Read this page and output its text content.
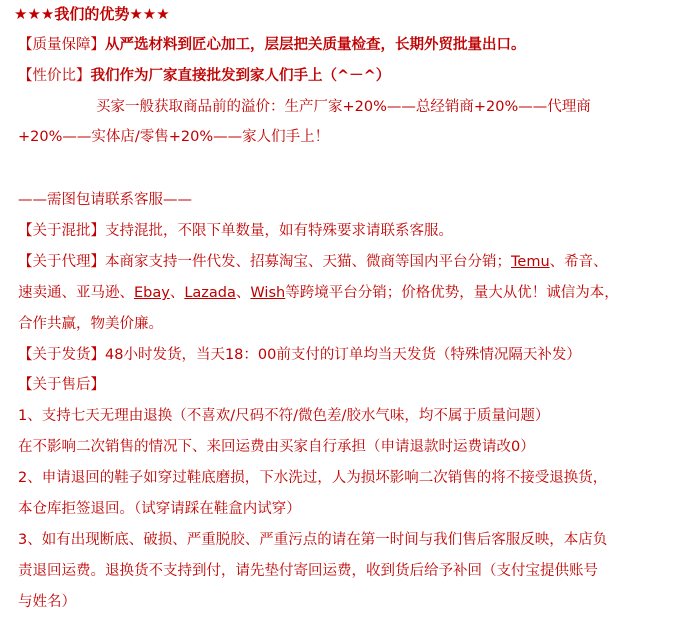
★★★我们的优势★★★
【质量保障】从严选材料到匠心加工，层层把关质量检查，长期外贸批量出口。
【性价比】我们作为厂家直接批发到家人们手上（^－^）
买家一般获取商品前的溢价：生产厂家+20%——总经销商+20%——代理商
+20%——实体店/零售+20%——家人们手上！
——需图包请联系客服——
【关于混批】支持混批，不限下单数量，如有特殊要求请联系客服。
【关于代理】本商家支持一件代发、招募淘宝、天猫、微商等国内平台分销；Temu、希音、
速卖通、亚马逊、Ebay、Lazada、Wish等跨境平台分销；价格优势，量大从优！诚信为本，
合作共赢，物美价廉。
【关于发货】48小时发货，当天18：00前支付的订单均当天发货（特殊情况隔天补发）
【关于售后】
1、支持七天无理由退换（不喜欢/尺码不符/微色差/胶水气味，均不属于质量问题）
在不影响二次销售的情况下、来回运费由买家自行承担（申请退款时运费请改0）
2、申请退回的鞋子如穿过鞋底磨损，下水洗过，人为损坏影响二次销售的将不接受退换货，
本仓库拒签退回。（试穿请踩在鞋盒内试穿）
3、如有出现断底、破损、严重脱胶、严重污点的请在第一时间与我们售后客服反映，本店负
责退回运费。退换货不支持到付，请先垫付寄回运费，收到货后给予补回（支付宝提供账号
与姓名）
